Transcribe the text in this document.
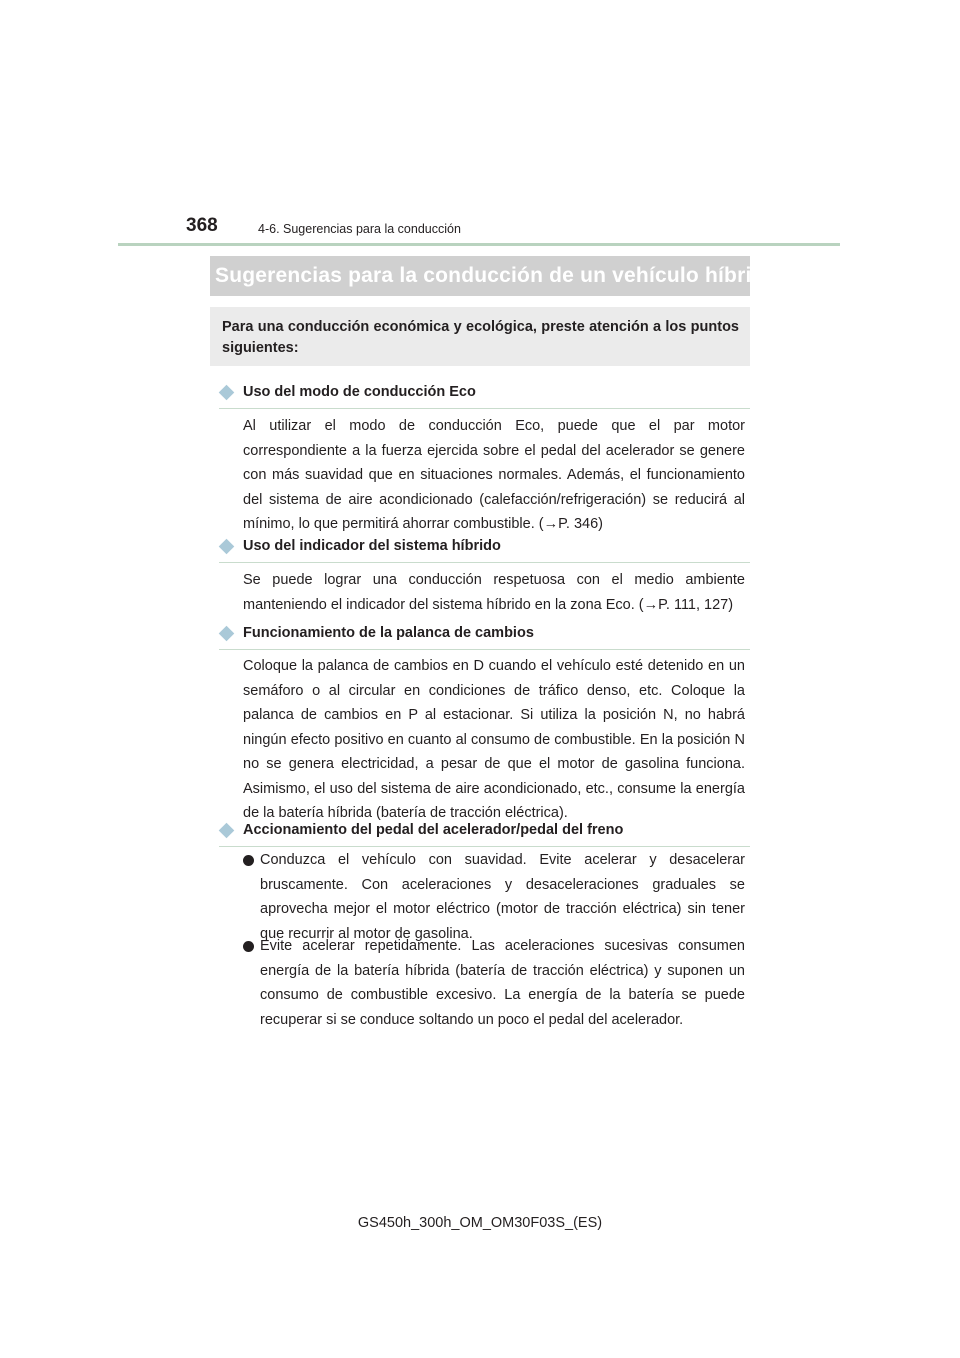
368	4-6. Sugerencias para la conducción
Sugerencias para la conducción de un vehículo híbrido
Para una conducción económica y ecológica, preste atención a los puntos siguientes:
Uso del modo de conducción Eco
Al utilizar el modo de conducción Eco, puede que el par motor correspondiente a la fuerza ejercida sobre el pedal del acelerador se genere con más suavidad que en situaciones normales. Además, el funcionamiento del sistema de aire acondicionado (calefacción/refrigeración) se reducirá al mínimo, lo que permitirá ahorrar combustible. (→P. 346)
Uso del indicador del sistema híbrido
Se puede lograr una conducción respetuosa con el medio ambiente manteniendo el indicador del sistema híbrido en la zona Eco. (→P. 111, 127)
Funcionamiento de la palanca de cambios
Coloque la palanca de cambios en D cuando el vehículo esté detenido en un semáforo o al circular en condiciones de tráfico denso, etc. Coloque la palanca de cambios en P al estacionar. Si utiliza la posición N, no habrá ningún efecto positivo en cuanto al consumo de combustible. En la posición N no se genera electricidad, a pesar de que el motor de gasolina funciona. Asimismo, el uso del sistema de aire acondicionado, etc., consume la energía de la batería híbrida (batería de tracción eléctrica).
Accionamiento del pedal del acelerador/pedal del freno
Conduzca el vehículo con suavidad. Evite acelerar y desacelerar bruscamente. Con aceleraciones y desaceleraciones graduales se aprovecha mejor el motor eléctrico (motor de tracción eléctrica) sin tener que recurrir al motor de gasolina.
Evite acelerar repetidamente. Las aceleraciones sucesivas consumen energía de la batería híbrida (batería de tracción eléctrica) y suponen un consumo de combustible excesivo. La energía de la batería se puede recuperar si se conduce soltando un poco el pedal del acelerador.
GS450h_300h_OM_OM30F03S_(ES)
